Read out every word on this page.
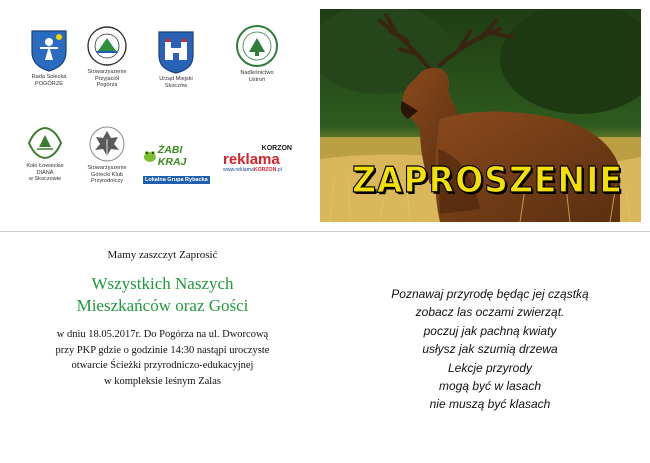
Rada Sołecka
POGÓRZE
Stowarzyszenie
Przyjaciół
Pogórza
Urząd Miejski
Skoczów
Nadleśnictwo
Ustroń
Koło Łowieckie
DIANA
w Skoczowie
Stowarzyszenie
Górecki Klub
Przyrodniczy
ŻABI KRAJ
Lokalna Grupa Rybacka
KORZON
reklama
www.reklamaKORZON.pl	ZAPROSZENIE
Mamy zaszczyt Zaprosić
Wszystkich Naszych
Mieszkańców oraz Gości
w dniu 18.05.2017r. Do Pogórza na ul. Dworcową
przy PKP gdzie o godzinie 14:30 nastąpi uroczyste
otwarcie Ścieżki przyrodniczo-edukacyjnej
w kompleksie leśnym Zalas
Poznawaj przyrodę będąc jej cząstką
zobacz las oczami zwierząt.
poczuj jak pachną kwiaty
usłysz jak szumią drzewa
Lekcje przyrody
mogą być w lasach
nie muszą być klasach
